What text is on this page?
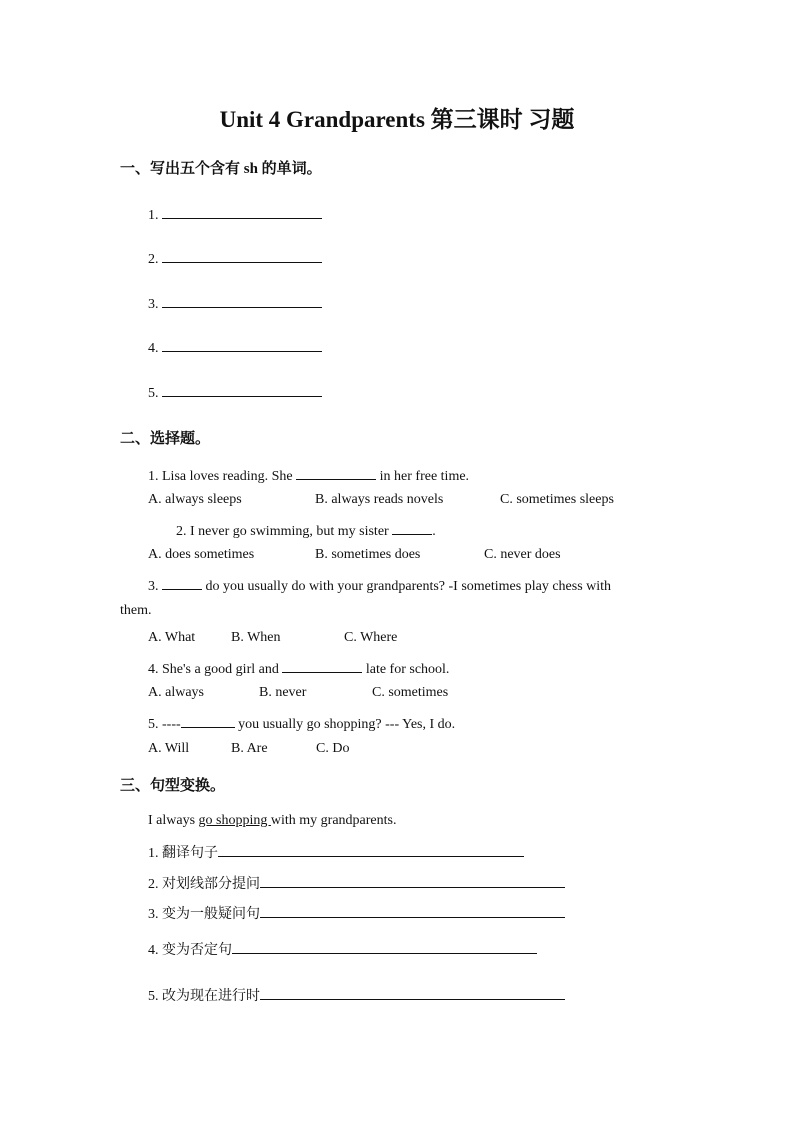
Unit 4 Grandparents 第三课时 习题
一、写出五个含有 sh 的单词。
1.
2.
3.
4.
5.
二、选择题。
1. Lisa loves reading. She	in her free time.
A. always sleeps	B. always reads novels	C. sometimes sleeps
2. I never go swimming, but my sister	.
A. does sometimes	B. sometimes does	C. never does
3.	do you usually do with your grandparents? -I sometimes play chess with
them.
A. What	B. When	C. Where
4. She's a good girl and	late for school.
A. always	B. never	C. sometimes
5. ----	you usually go shopping? --- Yes, I do.
A. Will	B. Are	C. Do
三、句型变换。
I always go shopping with my grandparents.
1. 翻译句子
2. 对划线部分提问
3. 变为一般疑问句
4. 变为否定句
5. 改为现在进行时
